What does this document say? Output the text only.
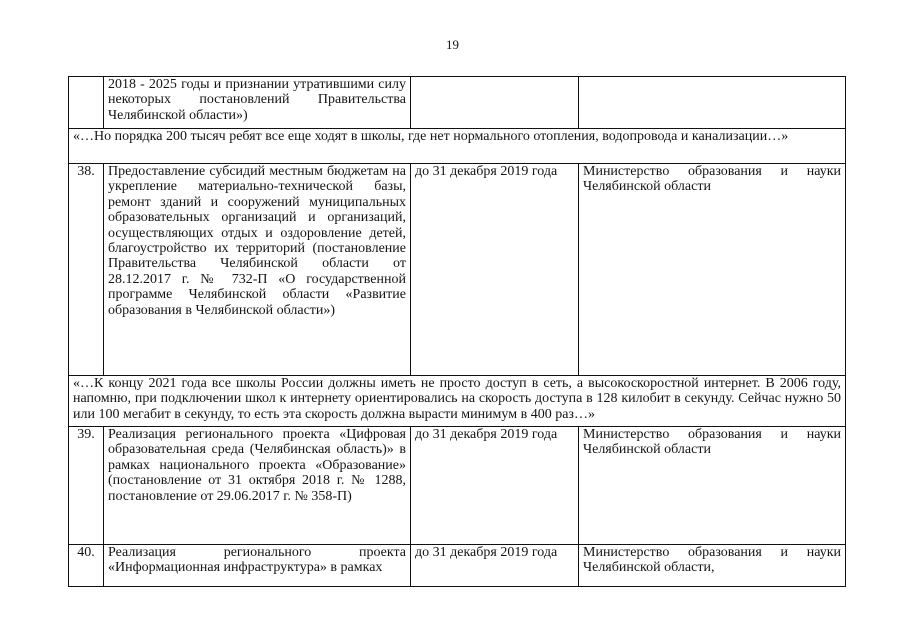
19
	2018 - 2025 годы и признании утратившими силу некоторых постановлений Правительства Челябинской области»)		
«…Но порядка 200 тысяч ребят все еще ходят в школы, где нет нормального отопления, водопровода и канализации…»			
38.	Предоставление субсидий местным бюджетам на укрепление материально-технической базы, ремонт зданий и сооружений муниципальных образовательных организаций и организаций, осуществляющих отдых и оздоровление детей, благоустройство их территорий (постановление Правительства Челябинской области от 28.12.2017 г. № 732-П «О государственной программе Челябинской области «Развитие образования в Челябинской области»)	до 31 декабря 2019 года	Министерство образования и науки Челябинской области
«…К концу 2021 года все школы России должны иметь не просто доступ в сеть, а высокоскоростной интернет. В 2006 году, напомню, при подключении школ к интернету ориентировались на скорость доступа в 128 килобит в секунду. Сейчас нужно 50 или 100 мегабит в секунду, то есть эта скорость должна вырасти минимум в 400 раз…»			
39.	Реализация регионального проекта «Цифровая образовательная среда (Челябинская область)» в рамках национального проекта «Образование» (постановление от 31 октября 2018 г. № 1288, постановление от 29.06.2017 г. № 358-П)	до 31 декабря 2019 года	Министерство образования и науки Челябинской области
40.	Реализация регионального проекта «Информационная инфраструктура» в рамках	до 31 декабря 2019 года	Министерство образования и науки Челябинской области,
